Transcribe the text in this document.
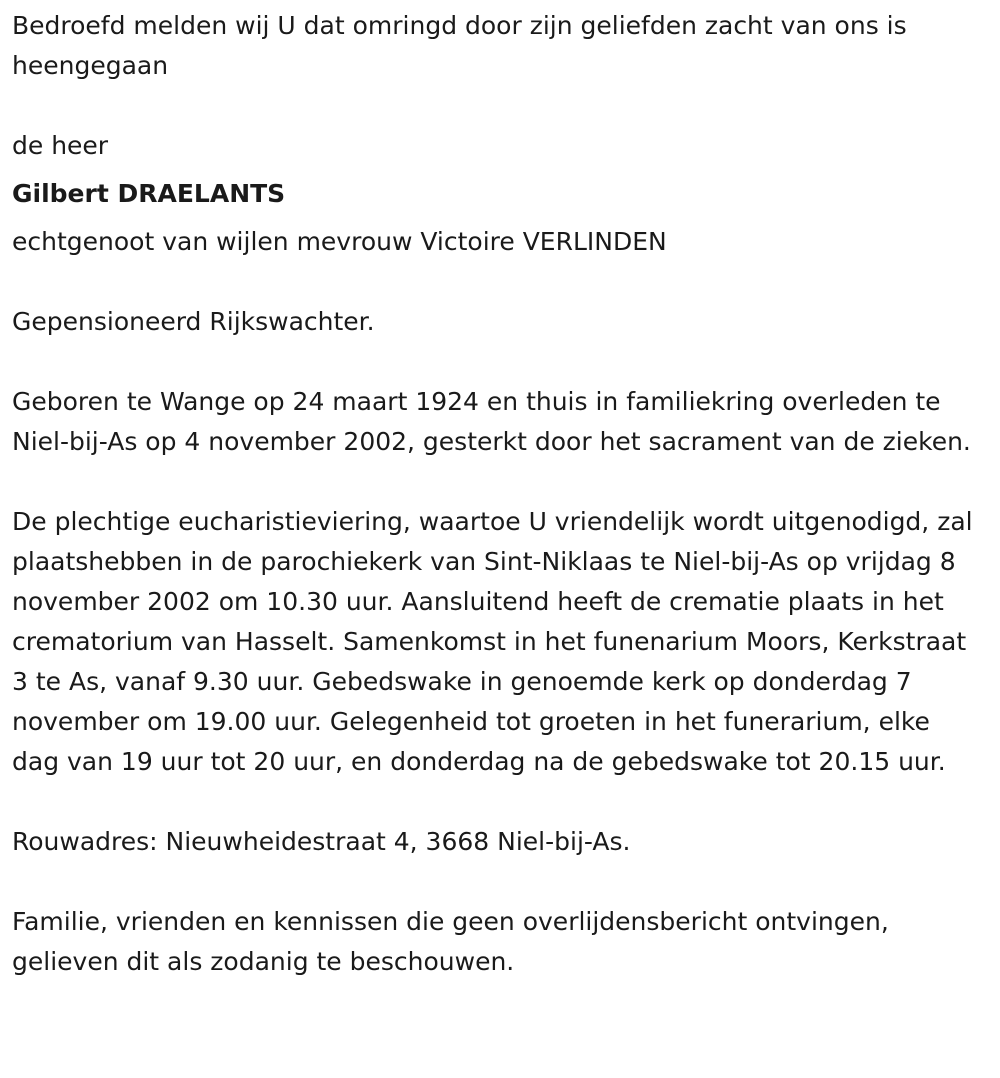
Bedroefd melden wij U dat omringd door zijn geliefden zacht van ons is heengegaan

de heer

Gilbert DRAELANTS

echtgenoot van wijlen mevrouw Victoire VERLINDEN

Gepensioneerd Rijkswachter.

Geboren te Wange op 24 maart 1924 en thuis in familiekring overleden te Niel-bij-As op 4 november 2002, gesterkt door het sacrament van de zieken.

De plechtige eucharistieviering, waartoe U vriendelijk wordt uitgenodigd, zal plaatshebben in de parochiekerk van Sint-Niklaas te Niel-bij-As op vrijdag 8 november 2002 om 10.30 uur. Aansluitend heeft de crematie plaats in het crematorium van Hasselt. Samenkomst in het funenarium Moors, Kerkstraat 3 te As, vanaf 9.30 uur. Gebedswake in genoemde kerk op donderdag 7 november om 19.00 uur. Gelegenheid tot groeten in het funerarium, elke dag van 19 uur tot 20 uur, en donderdag na de gebedswake tot 20.15 uur.

Rouwadres: Nieuwheidestraat 4, 3668 Niel-bij-As.

Familie, vrienden en kennissen die geen overlijdensbericht ontvingen, gelieven dit als zodanig te beschouwen.
